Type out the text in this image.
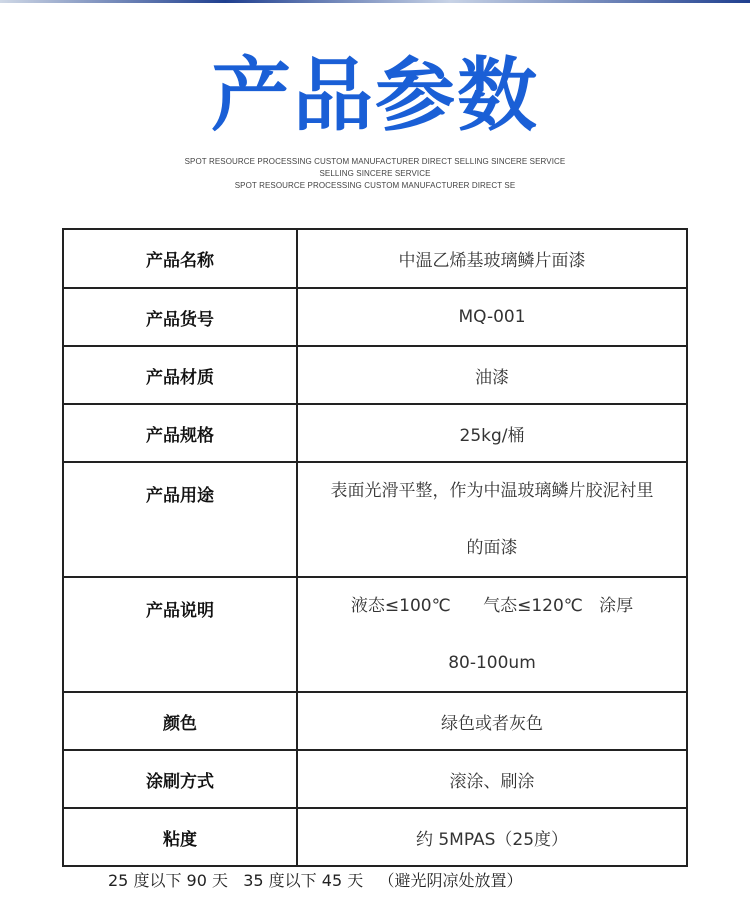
产品参数
SPOT RESOURCE PROCESSING CUSTOM MANUFACTURER DIRECT SELLING SINCERE SERVICE
SELLING SINCERE SERVICE
SPOT RESOURCE PROCESSING CUSTOM MANUFACTURER DIRECT SE
产品名称	中温乙烯基玻璃鳞片面漆
产品货号	MQ-001
产品材质	油漆
产品规格	25kg/桶
产品用途	表面光滑平整，作为中温玻璃鳞片胶泥衬里
的面漆
产品说明	液态≤100℃      气态≤120℃   涂厚
80-100um
颜色	绿色或者灰色
涂刷方式	滚涂、刷涂
粘度	约 5MPAS（25度）
25 度以下 90 天   35 度以下 45 天   （避光阴凉处放置）
